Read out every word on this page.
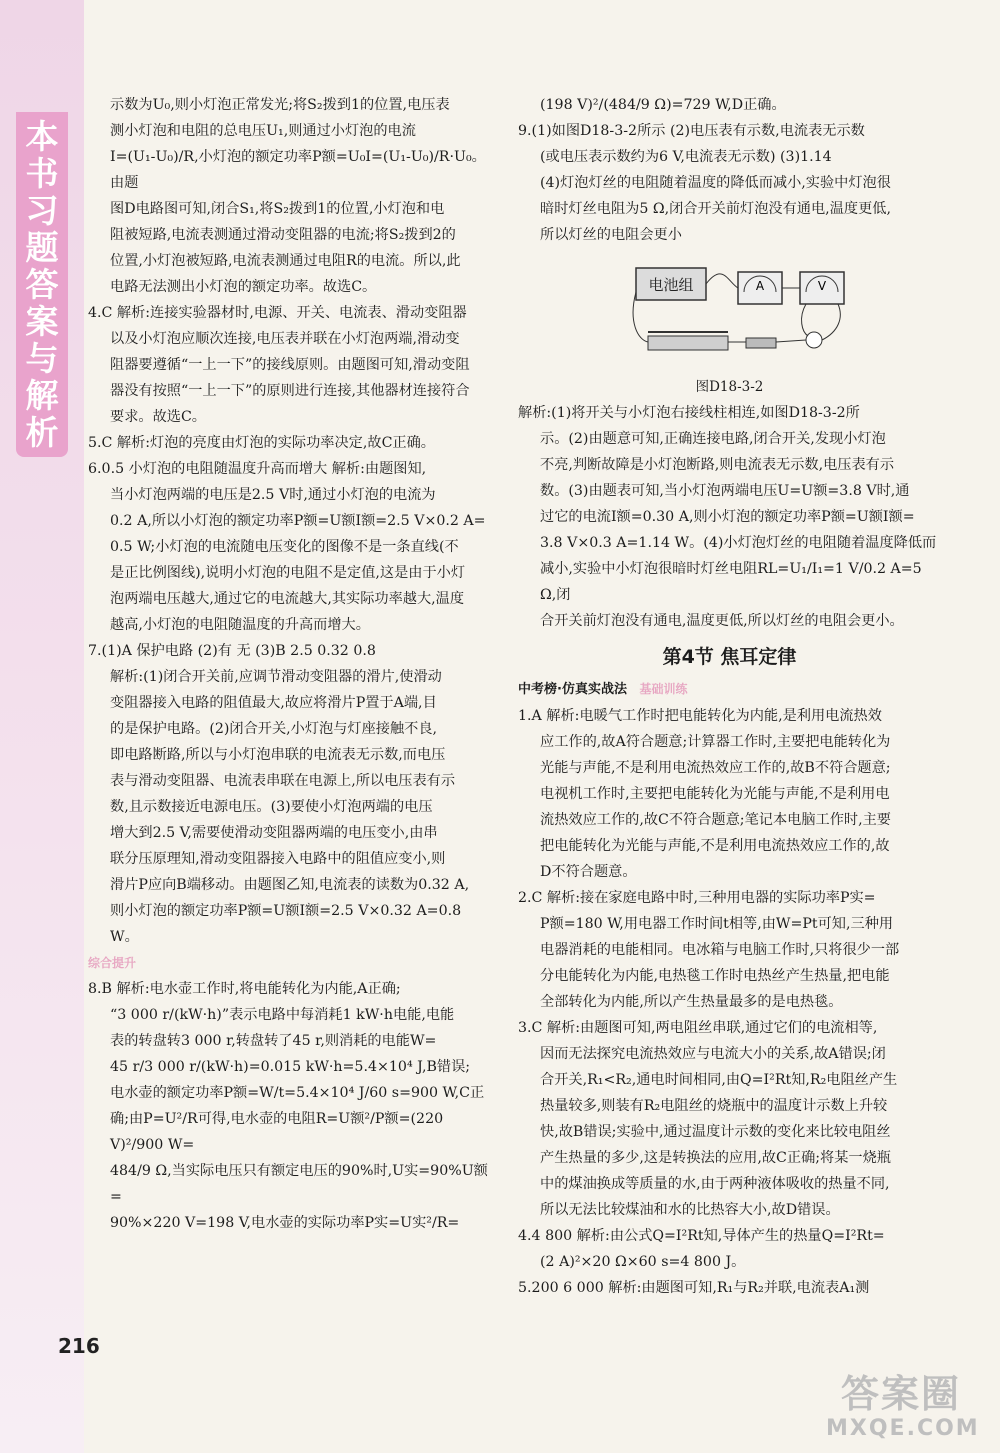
本
书
习
题
答
案
与
解
析
216

示数为U₀,则小灯泡正常发光;将S₂拨到1的位置,电压表

测小灯泡和电阻的总电压U₁,则通过小灯泡的电流

I=(U₁-U₀)/R,小灯泡的额定功率P额=U₀I=(U₁-U₀)/R·U₀。由题

图D电路图可知,闭合S₁,将S₂拨到1的位置,小灯泡和电

阻被短路,电流表测通过滑动变阻器的电流;将S₂拨到2的

位置,小灯泡被短路,电流表测通过电阻R的电流。所以,此

电路无法测出小灯泡的额定功率。故选C。

4.C 解析:连接实验器材时,电源、开关、电流表、滑动变阻器

以及小灯泡应顺次连接,电压表并联在小灯泡两端,滑动变

阻器要遵循“一上一下”的接线原则。由题图可知,滑动变阻

器没有按照“一上一下”的原则进行连接,其他器材连接符合

要求。故选C。

5.C 解析:灯泡的亮度由灯泡的实际功率决定,故C正确。

6.0.5 小灯泡的电阻随温度升高而增大 解析:由题图知,

当小灯泡两端的电压是2.5 V时,通过小灯泡的电流为

0.2 A,所以小灯泡的额定功率P额=U额I额=2.5 V×0.2 A=

0.5 W;小灯泡的电流随电压变化的图像不是一条直线(不

是正比例图线),说明小灯泡的电阻不是定值,这是由于小灯

泡两端电压越大,通过它的电流越大,其实际功率越大,温度

越高,小灯泡的电阻随温度的升高而增大。

7.(1)A 保护电路 (2)有 无 (3)B 2.5 0.32 0.8

解析:(1)闭合开关前,应调节滑动变阻器的滑片,使滑动

变阻器接入电路的阻值最大,故应将滑片P置于A端,目

的是保护电路。(2)闭合开关,小灯泡与灯座接触不良,

即电路断路,所以与小灯泡串联的电流表无示数,而电压

表与滑动变阻器、电流表串联在电源上,所以电压表有示

数,且示数接近电源电压。(3)要使小灯泡两端的电压

增大到2.5 V,需要使滑动变阻器两端的电压变小,由串

联分压原理知,滑动变阻器接入电路中的阻值应变小,则

滑片P应向B端移动。由题图乙知,电流表的读数为0.32 A,

则小灯泡的额定功率P额=U额I额=2.5 V×0.32 A=0.8 W。

综合提升

8.B 解析:电水壶工作时,将电能转化为内能,A正确;

“3 000 r/(kW·h)”表示电路中每消耗1 kW·h电能,电能

表的转盘转3 000 r,转盘转了45 r,则消耗的电能W=

45 r/3 000 r/(kW·h)=0.015 kW·h=5.4×10⁴ J,B错误;

电水壶的额定功率P额=W/t=5.4×10⁴ J/60 s=900 W,C正

确;由P=U²/R可得,电水壶的电阻R=U额²/P额=(220 V)²/900 W=

484/9 Ω,当实际电压只有额定电压的90%时,U实=90%U额=

90%×220 V=198 V,电水壶的实际功率P实=U实²/R=

(198 V)²/(484/9 Ω)=729 W,D正确。

9.(1)如图D18-3-2所示 (2)电压表有示数,电流表无示数

(或电压表示数约为6 V,电流表无示数) (3)1.14

(4)灯泡灯丝的电阻随着温度的降低而减小,实验中灯泡很

暗时灯丝电阻为5 Ω,闭合开关前灯泡没有通电,温度更低,

所以灯丝的电阻会更小

电池组	A	V

图D18-3-2

解析:(1)将开关与小灯泡右接线柱相连,如图D18-3-2所

示。(2)由题意可知,正确连接电路,闭合开关,发现小灯泡

不亮,判断故障是小灯泡断路,则电流表无示数,电压表有示

数。(3)由题表可知,当小灯泡两端电压U=U额=3.8 V时,通

过它的电流I额=0.30 A,则小灯泡的额定功率P额=U额I额=

3.8 V×0.3 A=1.14 W。(4)小灯泡灯丝的电阻随着温度降低而

减小,实验中小灯泡很暗时灯丝电阻RL=U₁/I₁=1 V/0.2 A=5 Ω,闭

合开关前灯泡没有通电,温度更低,所以灯丝的电阻会更小。

第4节 焦耳定律
中考榜·仿真实战法 基础训练

1.A 解析:电暖气工作时把电能转化为内能,是利用电流热效

应工作的,故A符合题意;计算器工作时,主要把电能转化为

光能与声能,不是利用电流热效应工作的,故B不符合题意;

电视机工作时,主要把电能转化为光能与声能,不是利用电

流热效应工作的,故C不符合题意;笔记本电脑工作时,主要

把电能转化为光能与声能,不是利用电流热效应工作的,故

D不符合题意。

2.C 解析:接在家庭电路中时,三种用电器的实际功率P实=

P额=180 W,用电器工作时间t相等,由W=Pt可知,三种用

电器消耗的电能相同。电冰箱与电脑工作时,只将很少一部

分电能转化为内能,电热毯工作时电热丝产生热量,把电能

全部转化为内能,所以产生热量最多的是电热毯。

3.C 解析:由题图可知,两电阻丝串联,通过它们的电流相等,

因而无法探究电流热效应与电流大小的关系,故A错误;闭

合开关,R₁<R₂,通电时间相同,由Q=I²Rt知,R₂电阻丝产生

热量较多,则装有R₂电阻丝的烧瓶中的温度计示数上升较

快,故B错误;实验中,通过温度计示数的变化来比较电阻丝

产生热量的多少,这是转换法的应用,故C正确;将某一烧瓶

中的煤油换成等质量的水,由于两种液体吸收的热量不同,

所以无法比较煤油和水的比热容大小,故D错误。

4.4 800 解析:由公式Q=I²Rt知,导体产生的热量Q=I²Rt=

(2 A)²×20 Ω×60 s=4 800 J。

5.200 6 000 解析:由题图可知,R₁与R₂并联,电流表A₁测

答案圈
MXQE.COM
